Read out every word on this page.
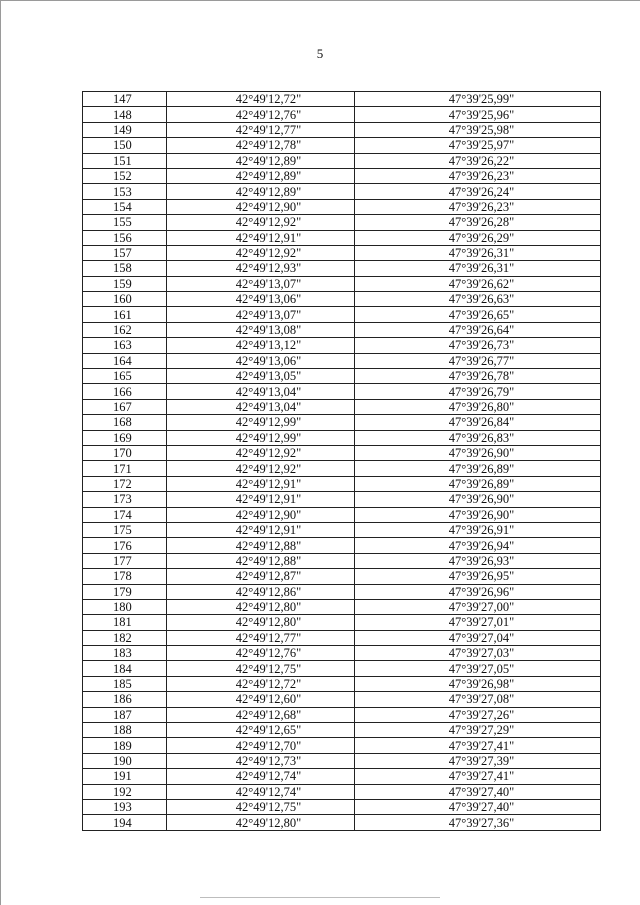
5
147	42°49'12,72"	47°39'25,99"
148	42°49'12,76"	47°39'25,96"
149	42°49'12,77"	47°39'25,98"
150	42°49'12,78"	47°39'25,97"
151	42°49'12,89"	47°39'26,22"
152	42°49'12,89"	47°39'26,23"
153	42°49'12,89"	47°39'26,24"
154	42°49'12,90"	47°39'26,23"
155	42°49'12,92"	47°39'26,28"
156	42°49'12,91"	47°39'26,29"
157	42°49'12,92"	47°39'26,31"
158	42°49'12,93"	47°39'26,31"
159	42°49'13,07"	47°39'26,62"
160	42°49'13,06"	47°39'26,63"
161	42°49'13,07"	47°39'26,65"
162	42°49'13,08"	47°39'26,64"
163	42°49'13,12"	47°39'26,73"
164	42°49'13,06"	47°39'26,77"
165	42°49'13,05"	47°39'26,78"
166	42°49'13,04"	47°39'26,79"
167	42°49'13,04"	47°39'26,80"
168	42°49'12,99"	47°39'26,84"
169	42°49'12,99"	47°39'26,83"
170	42°49'12,92"	47°39'26,90"
171	42°49'12,92"	47°39'26,89"
172	42°49'12,91"	47°39'26,89"
173	42°49'12,91"	47°39'26,90"
174	42°49'12,90"	47°39'26,90"
175	42°49'12,91"	47°39'26,91"
176	42°49'12,88"	47°39'26,94"
177	42°49'12,88"	47°39'26,93"
178	42°49'12,87"	47°39'26,95"
179	42°49'12,86"	47°39'26,96"
180	42°49'12,80"	47°39'27,00"
181	42°49'12,80"	47°39'27,01"
182	42°49'12,77"	47°39'27,04"
183	42°49'12,76"	47°39'27,03"
184	42°49'12,75"	47°39'27,05"
185	42°49'12,72"	47°39'26,98"
186	42°49'12,60"	47°39'27,08"
187	42°49'12,68"	47°39'27,26"
188	42°49'12,65"	47°39'27,29"
189	42°49'12,70"	47°39'27,41"
190	42°49'12,73"	47°39'27,39"
191	42°49'12,74"	47°39'27,41"
192	42°49'12,74"	47°39'27,40"
193	42°49'12,75"	47°39'27,40"
194	42°49'12,80"	47°39'27,36"
